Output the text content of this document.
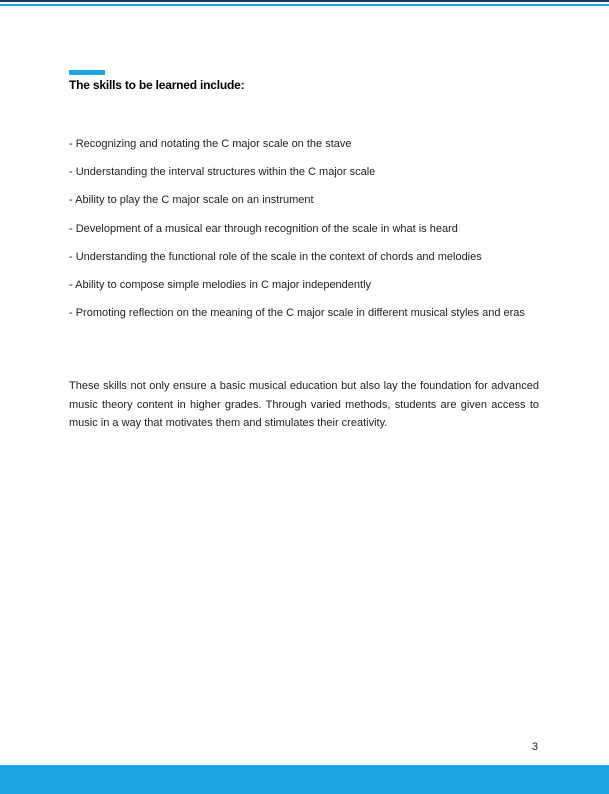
The skills to be learned include:
- Recognizing and notating the C major scale on the stave
- Understanding the interval structures within the C major scale
- Ability to play the C major scale on an instrument
- Development of a musical ear through recognition of the scale in what is heard
- Understanding the functional role of the scale in the context of chords and melodies
- Ability to compose simple melodies in C major independently
- Promoting reflection on the meaning of the C major scale in different musical styles and eras

These skills not only ensure a basic musical education but also lay the foundation for advanced music theory content in higher grades. Through varied methods, students are given access to music in a way that motivates them and stimulates their creativity.

3
